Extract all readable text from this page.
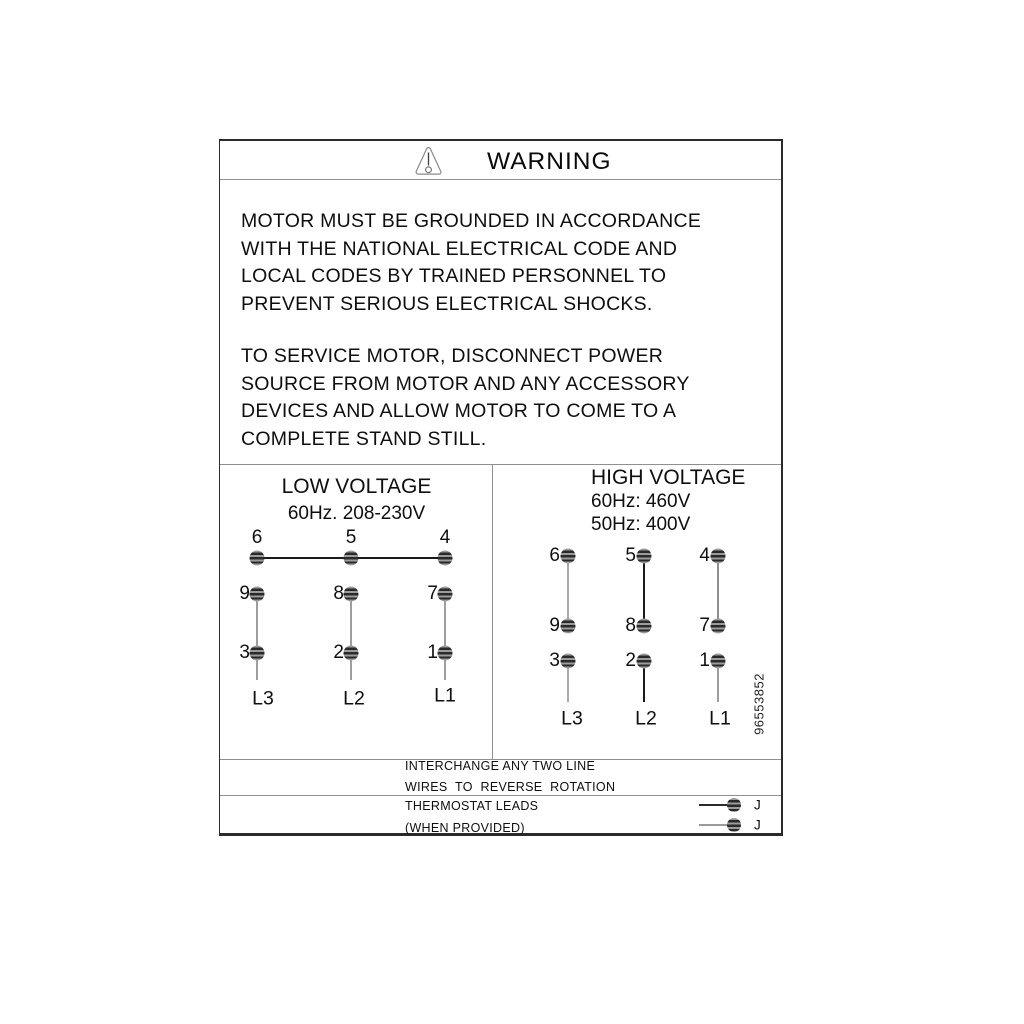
WARNING
MOTOR MUST BE GROUNDED IN ACCORDANCE
WITH THE NATIONAL ELECTRICAL CODE AND
LOCAL CODES BY TRAINED PERSONNEL TO
PREVENT SERIOUS ELECTRICAL SHOCKS.
TO SERVICE MOTOR, DISCONNECT POWER
SOURCE FROM MOTOR AND ANY ACCESSORY
DEVICES AND ALLOW MOTOR TO COME TO A
COMPLETE STAND STILL.
LOW VOLTAGE
60Hz. 208-230V
6	5	4
9	8	7
3	2	1
L3	L2	L1
HIGH VOLTAGE
60Hz: 460V
50Hz: 400V
6	5	4
9	8	7
3	2	1
L3	L2	L1 96553852
INTERCHANGE ANY TWO LINE
WIRES TO REVERSE ROTATION
THERMOSTAT LEADS
(WHEN PROVIDED)
J
J
